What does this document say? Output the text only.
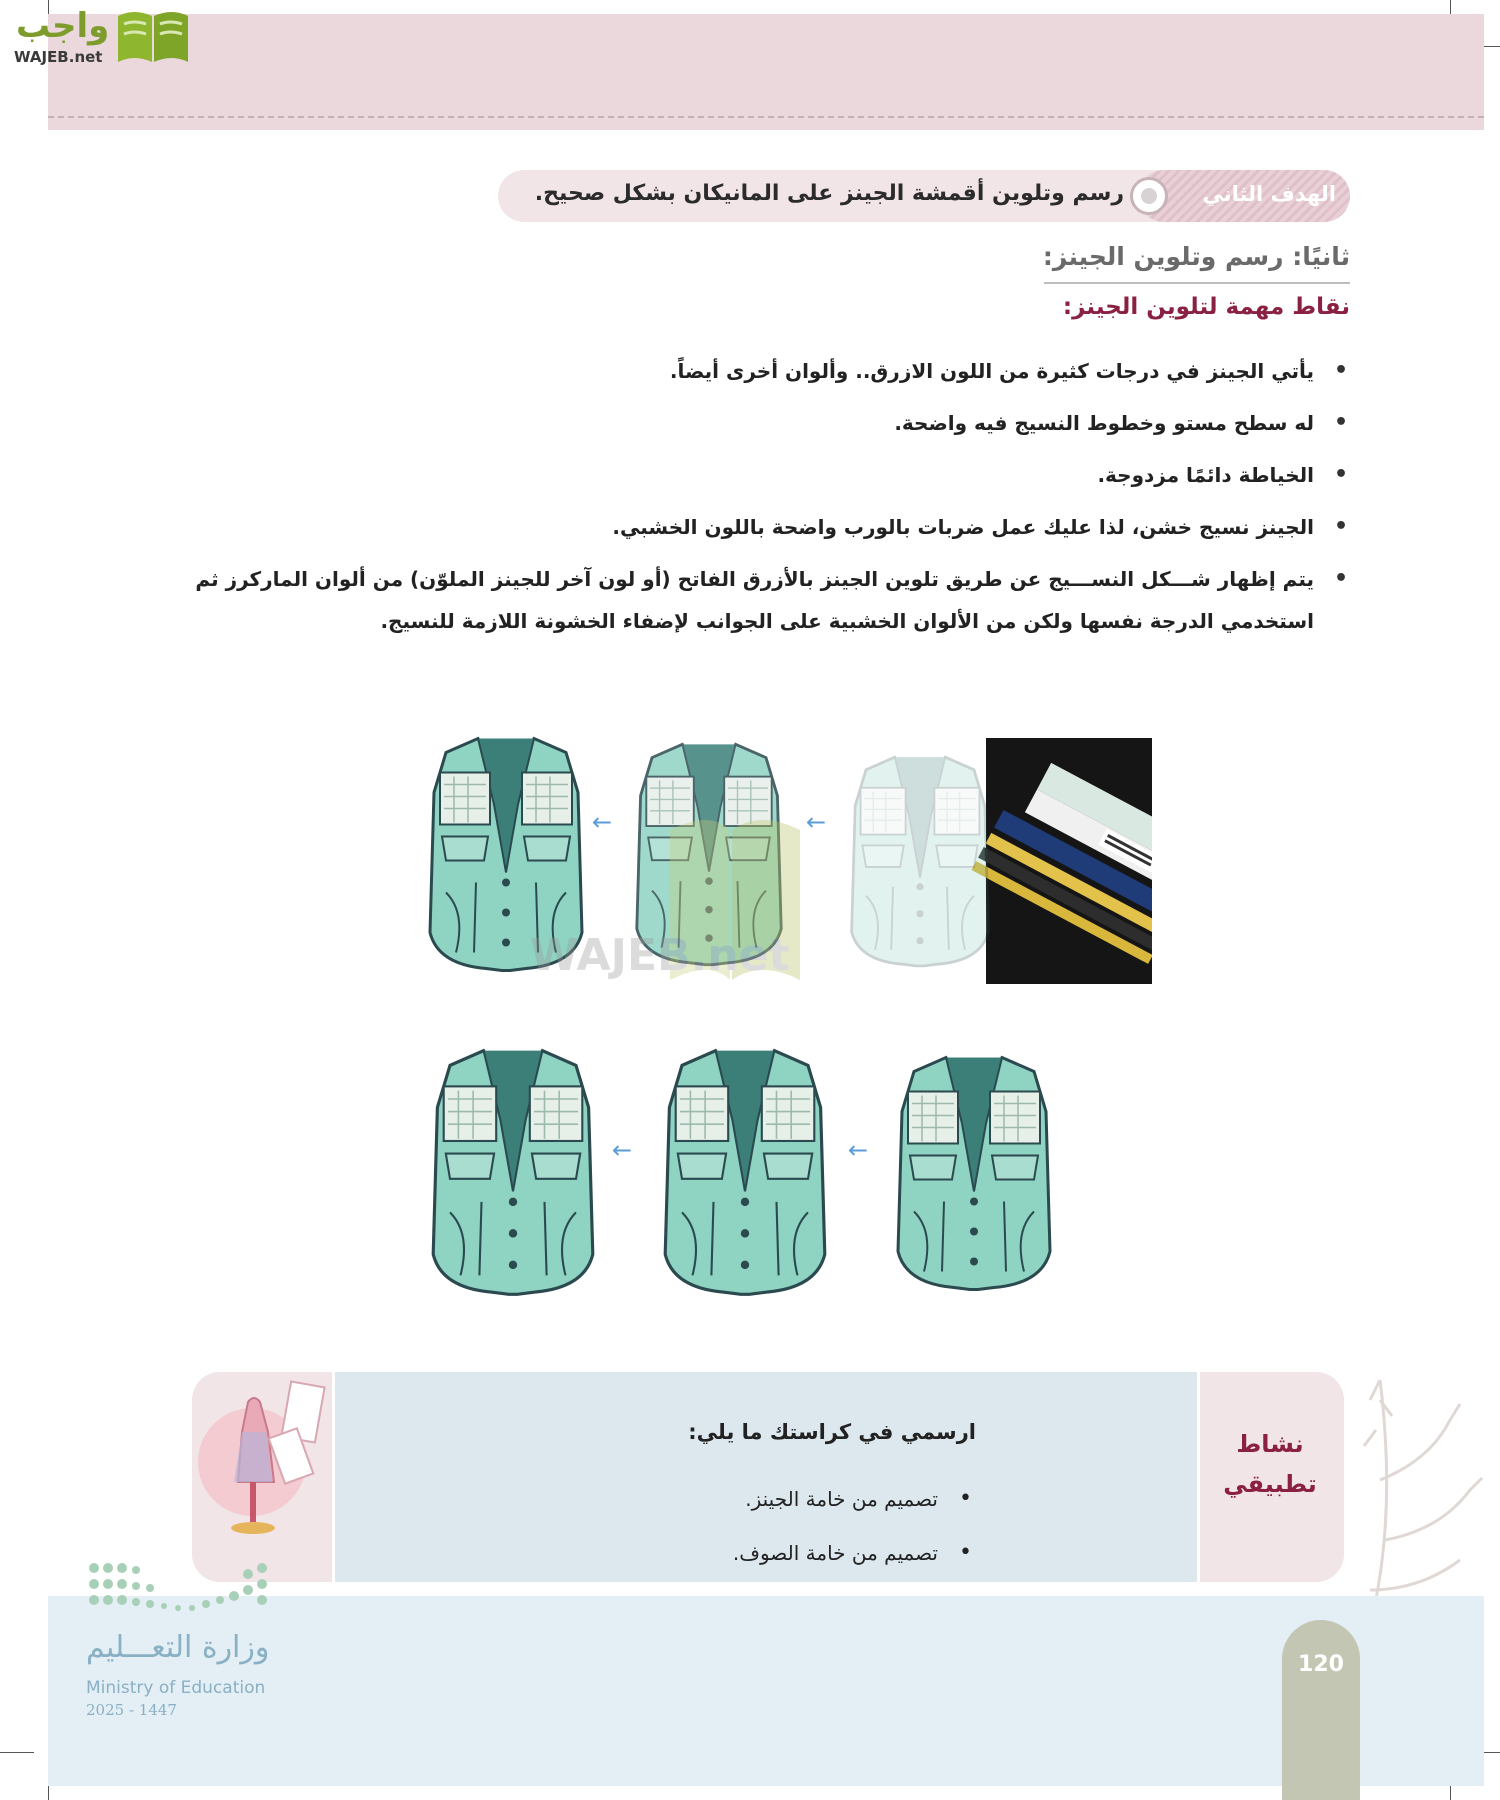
واجب
WAJEB.net
الهدف الثاني
رسم وتلوين أقمشة الجينز على المانيكان بشكل صحيح.
ثانيًا: رسم وتلوين الجينز:
نقاط مهمة لتلوين الجينز:
• يأتي الجينز في درجات كثيرة من اللون الازرق.. وألوان أخرى أيضاً.
• له سطح مستو وخطوط النسيج فيه واضحة.
• الخياطة دائمًا مزدوجة.
• الجينز نسيج خشن، لذا عليك عمل ضربات بالورب واضحة باللون الخشبي.
• يتم إظهار شـــكل النســـيج عن طريق تلوين الجينز بالأزرق الفاتح (أو لون آخر للجينز الملوّن) من ألوان الماركرز ثم استخدمي الدرجة نفسها ولكن من الألوان الخشبية على الجوانب لإضفاء الخشونة اللازمة للنسيج.
←	←
WAJEB.net
←	←
ارسمي في كراستك ما يلي:
• تصميم من خامة الجينز.
• تصميم من خامة الصوف.
نشاط
تطبيقي
وزارة التعـــليم
Ministry of Education
2025 - 1447
120
